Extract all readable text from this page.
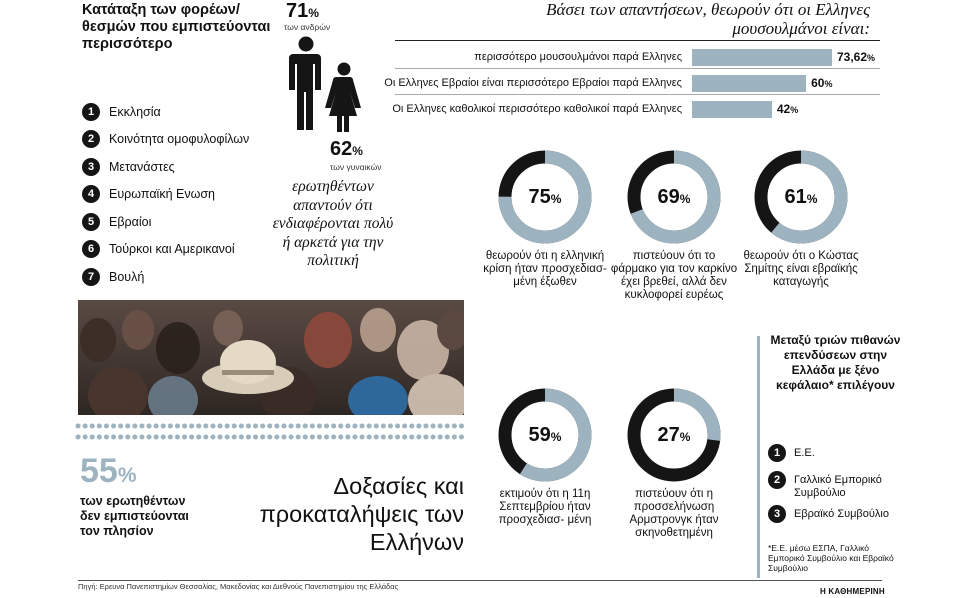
Κατάταξη των φορέων/ θεσμών που εμπιστεύονται περισσότερο
1	Εκκλησία
2	Κοινότητα ομοφυλοφίλων
3	Μετανάστες
4	Ευρωπαϊκή Ενωση
5	Εβραίοι
6	Τούρκοι και Αμερικανοί
7	Βουλή
71%
των ανδρών
62%
των γυναικών
ερωτηθέντων απαντούν ότι ενδιαφέρονται πολύ ή αρκετά για την πολιτική
Βάσει των απαντήσεων, θεωρούν ότι οι Ελληνες μουσουλμάνοι είναι:
περισσότερο μουσουλμάνοι παρά Ελληνες	73,62%
Οι Ελληνες Εβραίοι είναι περισσότερο Εβραίοι παρά Ελληνες	60%
Οι Ελληνες καθολικοί περισσότερο καθολικοί παρά Ελληνες	42%
75 %
θεωρούν ότι η ελληνική κρίση ήταν προσχεδιασ- μένη έξωθεν
69 %
πιστεύουν ότι το φάρμακο για τον καρκίνο έχει βρεθεί, αλλά δεν κυκλοφορεί ευρέως
61 %
θεωρούν ότι ο Κώστας Σημίτης είναι εβραϊκής καταγωγής
59 %
εκτιμούν ότι η 11η Σεπτεμβρίου ήταν προσχεδιασ- μένη
27 %
πιστεύουν ότι η προσσελήνωση Αρμστρονγκ ήταν σκηνοθετημένη
55%
των ερωτηθέντων δεν εμπιστεύονται τον πλησίον
Δοξασίες και προκαταλήψεις των Ελλήνων
Μεταξύ τριών πιθανών επενδύσεων στην Ελλάδα με ξένο κεφάλαιο* επιλέγουν
1	Ε.Ε.
2	Γαλλικό Εμπορικό Συμβούλιο
3	Εβραϊκό Συμβούλιο
*Ε.Ε. μέσω ΕΣΠΑ, Γαλλικό Εμπορικό Συμβούλιο και Εβραϊκό Συμβούλιο
Πηγή: Ερευνα Πανεπιστημίων Θεσσαλίας, Μακεδονίας και Διεθνούς Πανεπιστημίου της Ελλάδας
Η ΚΑΘΗΜΕΡΙΝΗ
